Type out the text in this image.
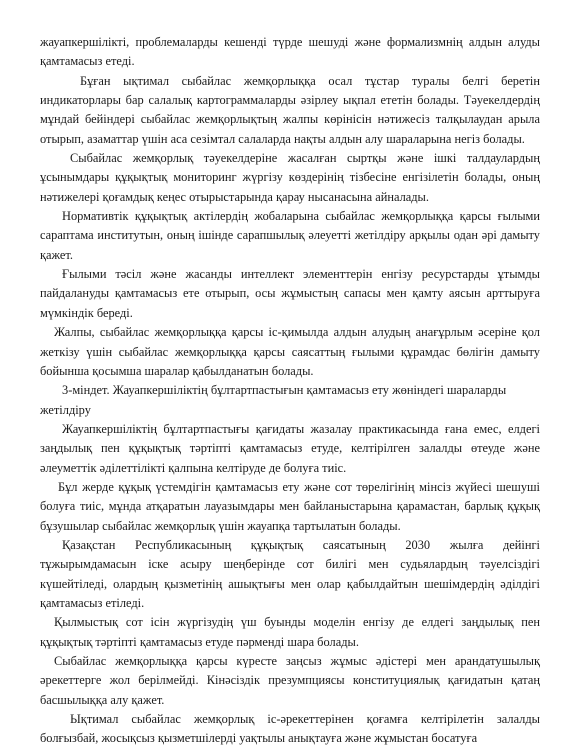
жауапкершілікті, проблемаларды кешенді түрде шешуді және формализмнің алдын алуды қамтамасыз етеді.

Бұған ықтимал сыбайлас жемқорлыққа осал тұстар туралы белгі беретін индикаторлары бар салалық картограммаларды әзірлеу ықпал ететін болады. Тәуекелдердің мұндай бейіндері сыбайлас жемқорлықтың жалпы көрінісін нәтижесіз талқылаудан арыла отырып, азаматтар үшін аса сезімтал салаларда нақты алдын алу шараларына негіз болады.

Сыбайлас жемқорлық тәуекелдеріне жасалған сыртқы және ішкі талдаулардың ұсынымдары құқықтық мониторинг жүргізу көздерінің тізбесіне енгізілетін болады, оның нәтижелері қоғамдық кеңес отырыстарында қарау нысанасына айналады.

Нормативтік құқықтық актілердің жобаларына сыбайлас жемқорлыққа қарсы ғылыми сараптама институтын, оның ішінде сарапшылық әлеуетті жетілдіру арқылы одан әрі дамыту қажет.

Ғылыми тәсіл және жасанды интеллект элементтерін енгізу ресурстарды ұтымды пайдалануды қамтамасыз ете отырып, осы жұмыстың сапасы мен қамту аясын арттыруға мүмкіндік береді.

Жалпы, сыбайлас жемқорлыққа қарсы іс-қимылда алдын алудың анағұрлым әсеріне қол жеткізу үшін сыбайлас жемқорлыққа қарсы саясаттың ғылыми құрамдас бөлігін дамыту бойынша қосымша шаралар қабылданатын болады.

3-міндет. Жауапкершіліктің бұлтартпастығын қамтамасыз ету жөніндегі шараларды жетілдіру

Жауапкершіліктің бұлтартпастығы қағидаты жазалау практикасында ғана емес, елдегі заңдылық пен құқықтық тәртіпті қамтамасыз етуде, келтірілген залалды өтеуде және әлеуметтік әділеттілікті қалпына келтіруде де болуға тиіс.

Бұл жерде құқық үстемдігін қамтамасыз ету және сот төрелігінің мінсіз жүйесі шешуші болуға тиіс, мұнда атқаратын лауазымдары мен байланыстарына қарамастан, барлық құқық бұзушылар сыбайлас жемқорлық үшін жауапқа тартылатын болады.

Қазақстан Республикасының құқықтық саясатының 2030 жылға дейінгі тұжырымдамасын іске асыру шеңберінде сот билігі мен судьялардың тәуелсіздігі күшейтіледі, олардың қызметінің ашықтығы мен олар қабылдайтын шешімдердің әділдігі қамтамасыз етіледі.

Қылмыстық сот ісін жүргізудің үш буынды моделін енгізу де елдегі заңдылық пен құқықтық тәртіпті қамтамасыз етуде пәрменді шара болады.

Сыбайлас жемқорлыққа қарсы күресте заңсыз жұмыс әдістері мен арандатушылық әрекеттерге жол берілмейді. Кінәсіздік презумпциясы конституциялық қағидатын қатаң басшылыққа алу қажет.

Ықтимал сыбайлас жемқорлық іс-әрекеттерінен қоғамға келтірілетін залалды болғызбай, жосықсыз қызметшілерді уақтылы анықтауға және жұмыстан босатуға
